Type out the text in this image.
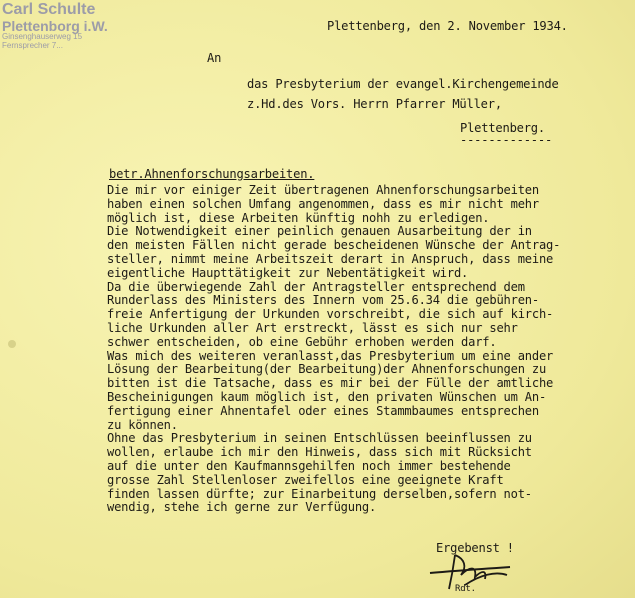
Carl Schulte
Plettenborg i.W.
Ginsenghauserweg 15
Fernsprecher 7...
Plettenberg, den 2. November 1934.
An
das Presbyterium der evangel.Kirchengemeinde
z.Hd.des Vors. Herrn Pfarrer Müller,
Plettenberg.
-------------
betr.Ahnenforschungsarbeiten.
Die mir vor einiger Zeit übertragenen Ahnenforschungsarbeiten
haben einen solchen Umfang angenommen, dass es mir nicht mehr
möglich ist, diese Arbeiten künftig nohh zu erledigen.
Die Notwendigkeit einer peinlich genauen Ausarbeitung der in
den meisten Fällen nicht gerade bescheidenen Wünsche der Antrag-
steller, nimmt meine Arbeitszeit derart in Anspruch, dass meine
eigentliche Haupttätigkeit zur Nebentätigkeit wird.
Da die überwiegende Zahl der Antragsteller entsprechend dem
Runderlass des Ministers des Innern vom 25.6.34 die gebühren-
freie Anfertigung der Urkunden vorschreibt, die sich auf kirch-
liche Urkunden aller Art erstreckt, lässt es sich nur sehr
schwer entscheiden, ob eine Gebühr erhoben werden darf.
Was mich des weiteren veranlasst,das Presbyterium um eine ander
Lösung der Bearbeitung(der Bearbeitung)der Ahnenforschungen zu
bitten ist die Tatsache, dass es mir bei der Fülle der amtliche
Bescheinigungen kaum möglich ist, den privaten Wünschen um An-
fertigung einer Ahnentafel oder eines Stammbaumes entsprechen
zu können.
Ohne das Presbyterium in seinen Entschlüssen beeinflussen zu
wollen, erlaube ich mir den Hinweis, dass sich mit Rücksicht
auf die unter den Kaufmannsgehilfen noch immer bestehende
grosse Zahl Stellenloser zweifellos eine geeignete Kraft
finden lassen dürfte; zur Einarbeitung derselben,sofern not-
wendig, stehe ich gerne zur Verfügung.
Ergebenst !
Rdt.
